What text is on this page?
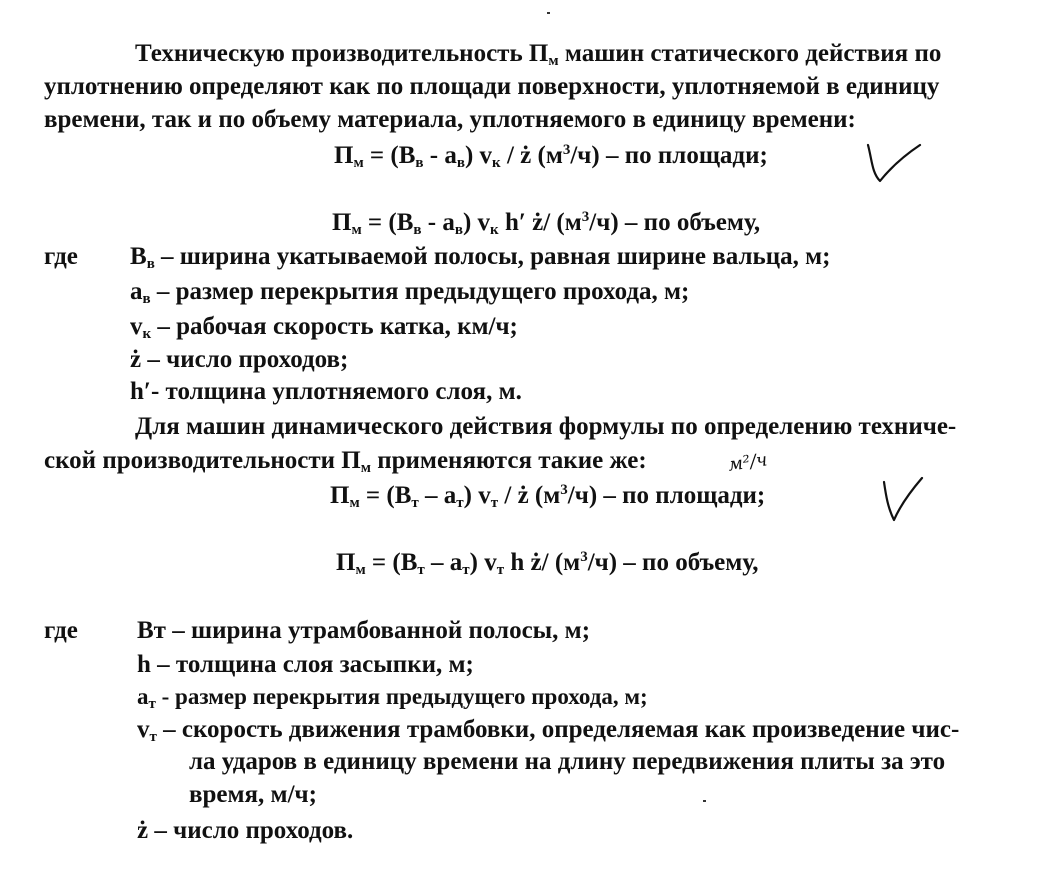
Техническую производительность $П_м$ машин статического действия по
уплотнению определяют как по площади поверхности, уплотняемой в единицу
времени, так и по объему материала, уплотняемого в единицу времени:
$П_м = (В_в - а_в)$ $v_к$ / ż $(м^3/ч)$ – по площади;
$П_м = (В_в - а_в)$ $v_к$ h′ ż/ $(м^3/ч)$ – по объему,
где $В_в$ – ширина укатываемой полосы, равная ширине вальца, м;
$а_в$ – размер перекрытия предыдущего прохода, м;
$v_к$ – рабочая скорость катка, км/ч;
ż – число проходов;
h′- толщина уплотняемого слоя, м.
Для машин динамического действия формулы по определению техниче-
ской производительности $П_м$ применяются такие же:	м²/ч
$П_м = (В_т - а_т)$ $v_т$ / ż $(м^3/ч)$ – по площади;
$П_м = (В_т - а_т)$ $v_т$ h ż/ $(м^3/ч)$ – по объему,
где Вт – ширина утрамбованной полосы, м;
h – толщина слоя засыпки, м;
$а_т$ - размер перекрытия предыдущего прохода, м;
$v_т$ – скорость движения трамбовки, определяемая как произведение чис-
ла ударов в единицу времени на длину передвижения плиты за это
время, м/ч;
ż – число проходов.
